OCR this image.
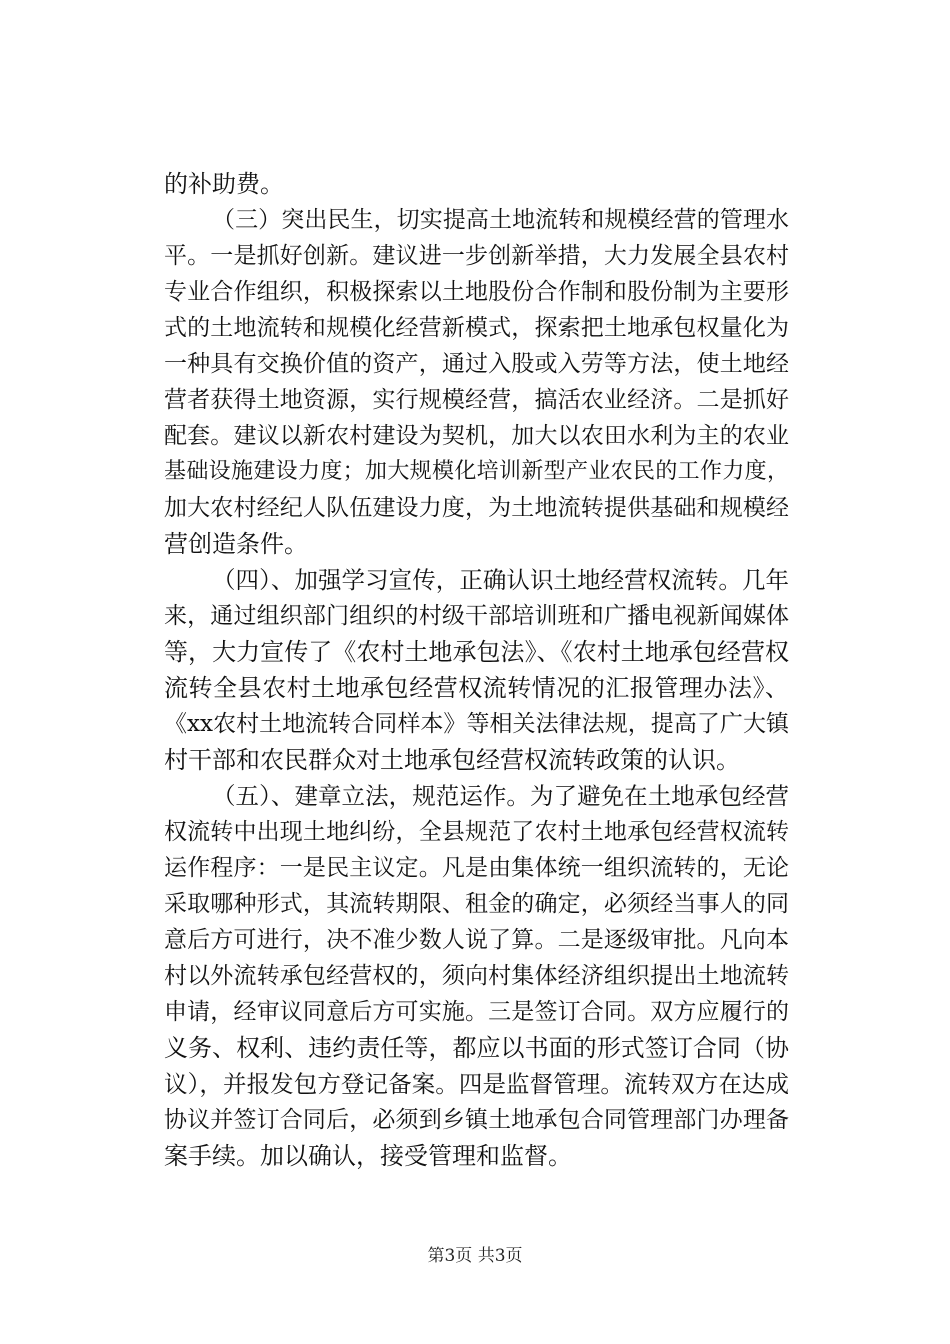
的补助费。
（三）突出民生，切实提高土地流转和规模经营的管理水
平。一是抓好创新。建议进一步创新举措，大力发展全县农村
专业合作组织，积极探索以土地股份合作制和股份制为主要形
式的土地流转和规模化经营新模式，探索把土地承包权量化为
一种具有交换价值的资产，通过入股或入劳等方法，使土地经
营者获得土地资源，实行规模经营，搞活农业经济。二是抓好
配套。建议以新农村建设为契机，加大以农田水利为主的农业
基础设施建设力度；加大规模化培训新型产业农民的工作力度，
加大农村经纪人队伍建设力度，为土地流转提供基础和规模经
营创造条件。
（四）、加强学习宣传，正确认识土地经营权流转。几年
来，通过组织部门组织的村级干部培训班和广播电视新闻媒体
等，大力宣传了《农村土地承包法》、《农村土地承包经营权
流转全县农村土地承包经营权流转情况的汇报管理办法》、
《xx农村土地流转合同样本》等相关法律法规，提高了广大镇
村干部和农民群众对土地承包经营权流转政策的认识。
（五）、建章立法，规范运作。为了避免在土地承包经营
权流转中出现土地纠纷，全县规范了农村土地承包经营权流转
运作程序：一是民主议定。凡是由集体统一组织流转的，无论
采取哪种形式，其流转期限、租金的确定，必须经当事人的同
意后方可进行，决不准少数人说了算。二是逐级审批。凡向本
村以外流转承包经营权的，须向村集体经济组织提出土地流转
申请，经审议同意后方可实施。三是签订合同。双方应履行的
义务、权利、违约责任等，都应以书面的形式签订合同（协
议），并报发包方登记备案。四是监督管理。流转双方在达成
协议并签订合同后，必须到乡镇土地承包合同管理部门办理备
案手续。加以确认，接受管理和监督。
第3页 共3页
